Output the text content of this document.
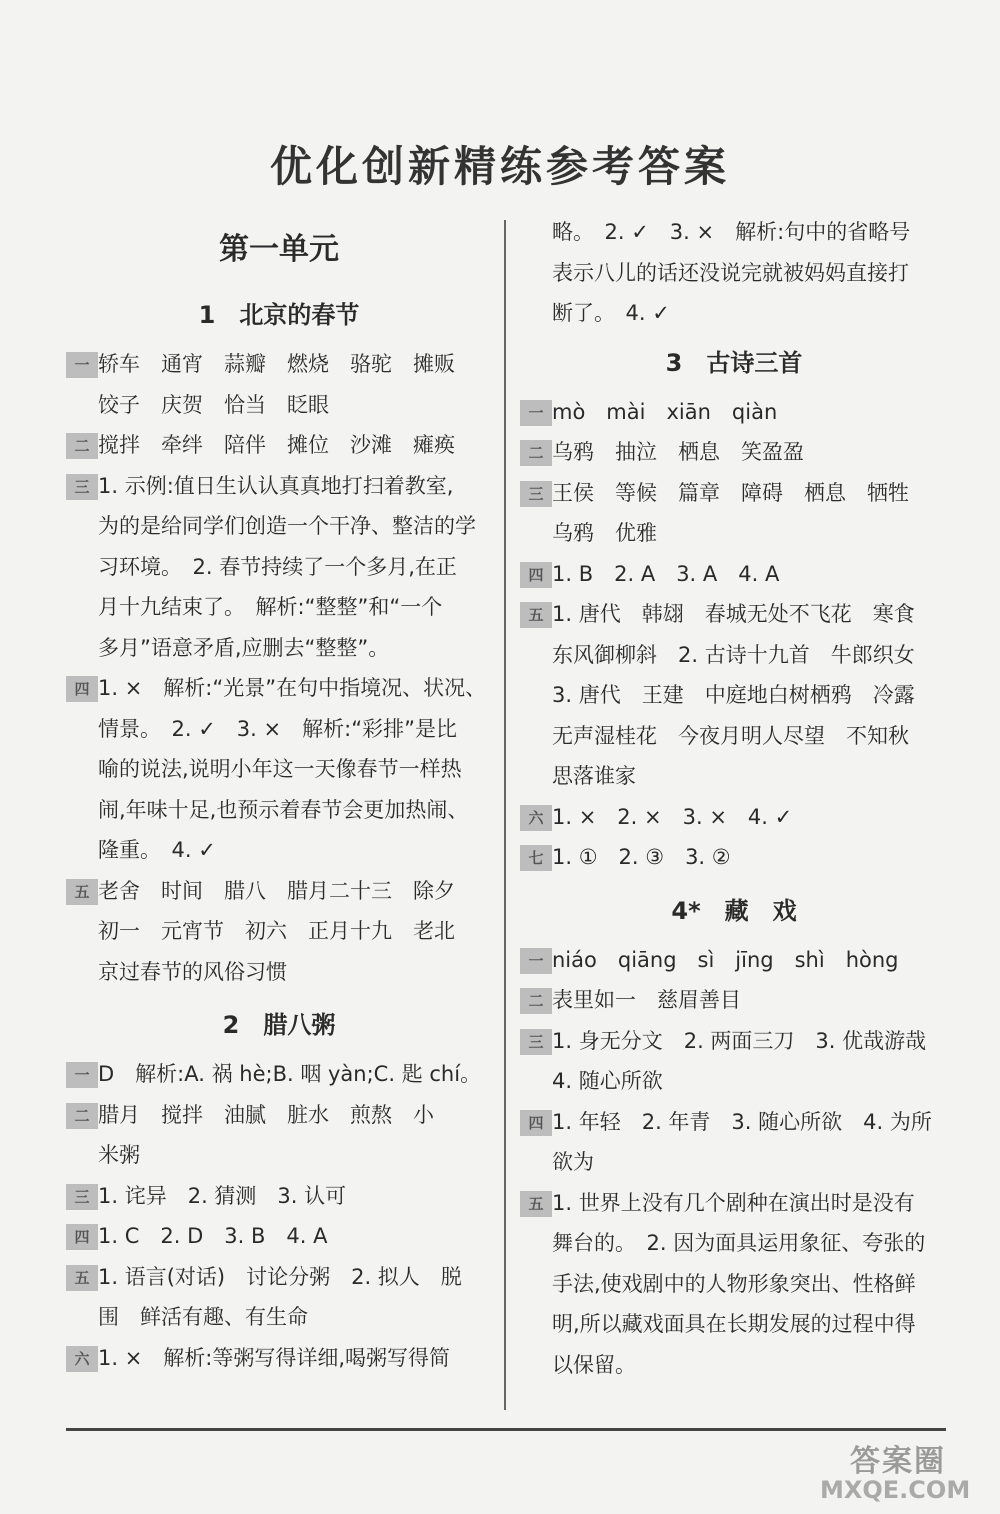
优化创新精练参考答案
第一单元
1　北京的春节
一 轿车　通宵　蒜瓣　燃烧　骆驼　摊贩
饺子　庆贺　恰当　眨眼
二 搅拌　牵绊　陪伴　摊位　沙滩　瘫痪
三 1. 示例:值日生认认真真地打扫着教室,
为的是给同学们创造一个干净、整洁的学
习环境。　2. 春节持续了一个多月,在正
月十九结束了。　解析:“整整”和“一个
多月”语意矛盾,应删去“整整”。
四 1. ×　解析:“光景”在句中指境况、状况、
情景。　2. ✓　3. ×　解析:“彩排”是比
喻的说法,说明小年这一天像春节一样热
闹,年味十足,也预示着春节会更加热闹、
隆重。　4. ✓
五 老舍　时间　腊八　腊月二十三　除夕
初一　元宵节　初六　正月十九　老北
京过春节的风俗习惯
2　腊八粥
一 D　解析:A. 祸 hè;B. 咽 yàn;C. 匙 chí。
二 腊月　搅拌　油腻　脏水　煎熬　小
米粥
三 1. 诧异　2. 猜测　3. 认可
四 1. C　2. D　3. B　4. A
五 1. 语言(对话)　讨论分粥　2. 拟人　脱
围　鲜活有趣、有生命
六 1. ×　解析:等粥写得详细,喝粥写得简
略。　2. ✓　3. ×　解析:句中的省略号
表示八儿的话还没说完就被妈妈直接打
断了。　4. ✓
3　古诗三首
一 mò　mài　xiān　qiàn
二 乌鸦　抽泣　栖息　笑盈盈
三 王侯　等候　篇章　障碍　栖息　牺牲
乌鸦　优雅
四 1. B　2. A　3. A　4. A
五 1. 唐代　韩翃　春城无处不飞花　寒食
东风御柳斜　2. 古诗十九首　牛郎织女
3. 唐代　王建　中庭地白树栖鸦　冷露
无声湿桂花　今夜月明人尽望　不知秋
思落谁家
六 1. ×　2. ×　3. ×　4. ✓
七 1. ①　2. ③　3. ②
4*　藏　戏
一 niáo　qiāng　sì　jīng　shì　hòng
二 表里如一　慈眉善目
三 1. 身无分文　2. 两面三刀　3. 优哉游哉
4. 随心所欲
四 1. 年轻　2. 年青　3. 随心所欲　4. 为所
欲为
五 1. 世界上没有几个剧种在演出时是没有
舞台的。　2. 因为面具运用象征、夸张的
手法,使戏剧中的人物形象突出、性格鲜
明,所以藏戏面具在长期发展的过程中得
以保留。
答案圈
MXQE.COM
